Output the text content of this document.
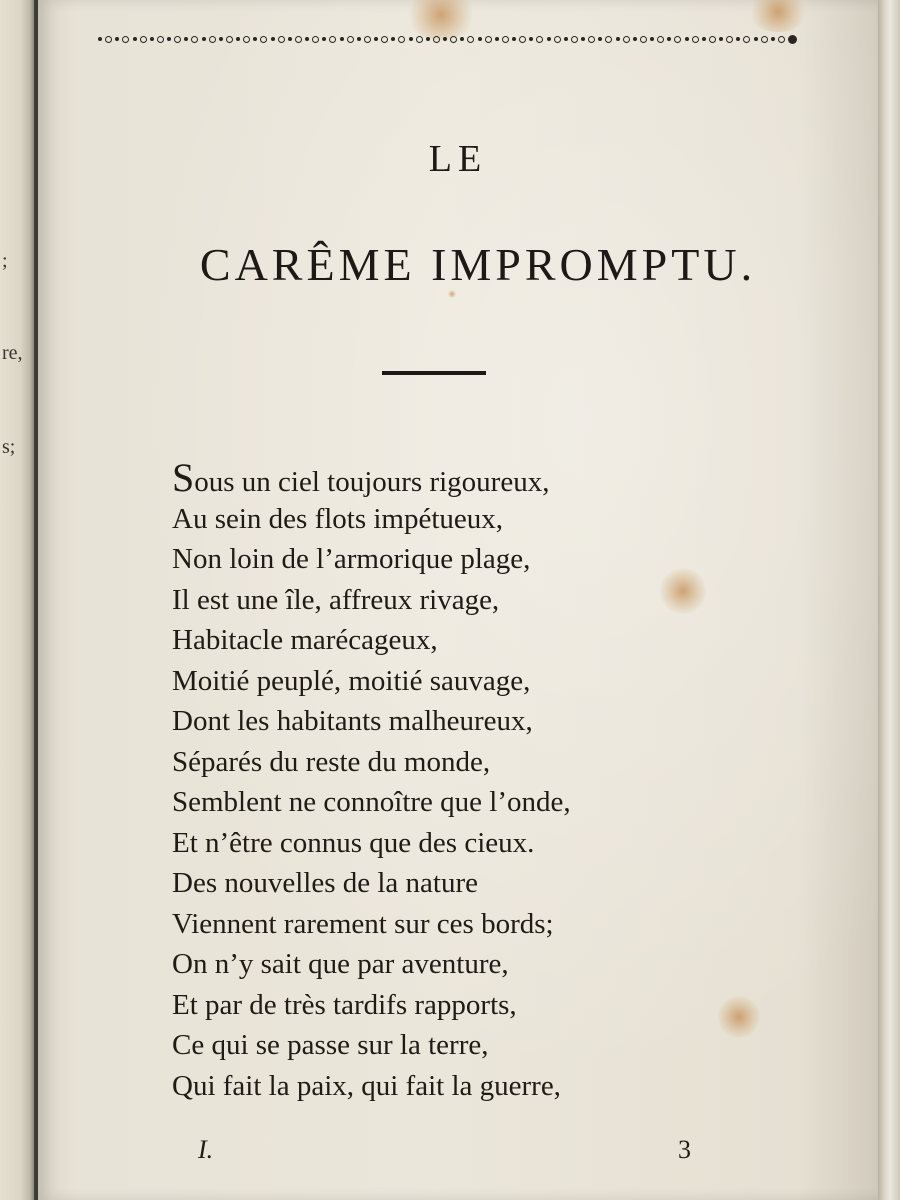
;
re,
s;
LE
CARÊME IMPROMPTU.
Sous un ciel toujours rigoureux,
Au sein des flots impétueux,
Non loin de l’armorique plage,
Il est une île, affreux rivage,
Habitacle marécageux,
Moitié peuplé, moitié sauvage,
Dont les habitants malheureux,
Séparés du reste du monde,
Semblent ne connoître que l’onde,
Et n’être connus que des cieux.
Des nouvelles de la nature
Viennent rarement sur ces bords;
On n’y sait que par aventure,
Et par de très tardifs rapports,
Ce qui se passe sur la terre,
Qui fait la paix, qui fait la guerre,
I.	3
